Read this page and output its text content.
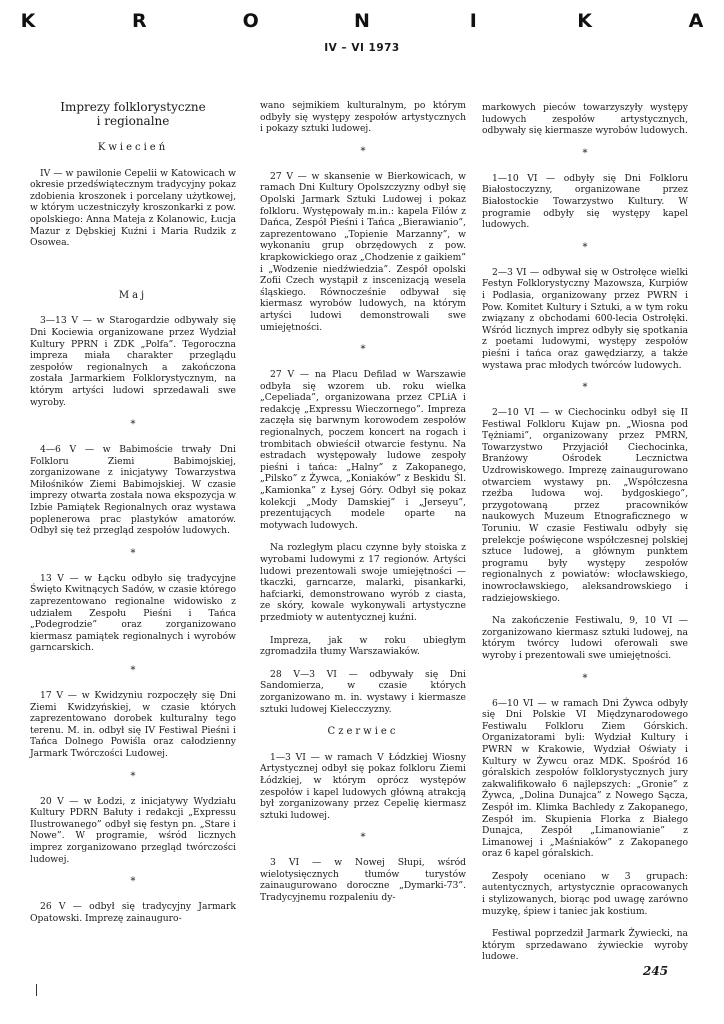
K	R	O	N	I	K	A
IV – VI 1973
Imprezy folklorystyczne
i regionalne
Kwiecień

IV — w pawilonie Cepelii w Katowicach w okresie przedświątecznym tradycyjny pokaz zdobienia kroszonek i porcelany użytkowej, w którym uczestniczyły kroszonkarki z pow. opolskiego: Anna Mateja z Kolanowic, Łucja Mazur z Dębskiej Kuźni i Maria Rudzik z Osowea.

Maj

3—13 V — w Starogardzie odbywały się Dni Kociewia organizowane przez Wydział Kultury PPRN i ZDK „Polfa”. Tegoroczna impreza miała charakter przeglądu zespołów regionalnych a zakończona została Jarmarkiem Folklorystycznym, na którym artyści ludowi sprzedawali swe wyroby.

*

4—6 V — w Babimoście trwały Dni Folkloru Ziemi Babimojskiej, zorganizowane z inicjatywy Towarzystwa Miłośników Ziemi Babimojskiej. W czasie imprezy otwarta została nowa ekspozycja w Izbie Pamiątek Regionalnych oraz wystawa poplenerowa prac plastyków amatorów. Odbył się też przegląd zespołów ludowych.

*

13 V — w Łącku odbyło się tradycyjne Święto Kwitnących Sadów, w czasie którego zaprezentowano regionalne widowisko z udziałem Zespołu Pieśni i Tańca „Podegrodzie” oraz zorganizowano kiermasz pamiątek regionalnych i wyrobów garncarskich.

*

17 V — w Kwidzyniu rozpoczęły się Dni Ziemi Kwidzyńskiej, w czasie których zaprezentowano dorobek kulturalny tego terenu. M. in. odbył się IV Festiwal Pieśni i Tańca Dolnego Powiśla oraz całodzienny Jarmark Twórczości Ludowej.

*

20 V — w Łodzi, z inicjatywy Wydziału Kultury PDRN Bałuty i redakcji „Expressu Ilustrowanego” odbył się festyn pn. „Stare i Nowe”. W programie, wśród licznych imprez zorganizowano przegląd twórczości ludowej.

*

26 V — odbył się tradycyjny Jarmark Opatowski. Imprezę zainauguro-

wano sejmikiem kulturalnym, po którym odbyły się występy zespołów artystycznych i pokazy sztuki ludowej.

*

27 V — w skansenie w Bierkowicach, w ramach Dni Kultury Opolszczyzny odbył się Opolski Jarmark Sztuki Ludowej i pokaz folkloru. Występowały m.in.: kapela Filów z Dańca, Zespół Pieśni i Tańca „Bierawianio”, zaprezentowano „Topienie Marzanny”, w wykonaniu grup obrzędowych z pow. krapkowickiego oraz „Chodzenie z gaikiem” i „Wodzenie niedźwiedzia”. Zespół opolski Zofii Czech wystąpił z inscenizacją wesela śląskiego. Równocześnie odbywał się kiermasz wyrobów ludowych, na którym artyści ludowi demonstrowali swe umiejętności.

*

27 V — na Placu Defilad w Warszawie odbyła się wzorem ub. roku wielka „Cepeliada”, organizowana przez CPLiA i redakcję „Expressu Wieczornego”. Impreza zaczęła się barwnym korowodem zespołów regionalnych, poczem koncert na rogach i trombitach obwieścił otwarcie festynu. Na estradach występowały ludowe zespoły pieśni i tańca: „Halny” z Zakopanego, „Pilsko” z Żywca, „Koniaków” z Beskidu Śl. „Kamionka” z Łysej Góry. Odbył się pokaz kolekcji „Mody Damskiej” i „Jerseyu”, prezentujących modele oparte na motywach ludowych.

Na rozległym placu czynne były stoiska z wyrobami ludowymi z 17 regionów. Artyści ludowi prezentowali swoje umiejętności — tkaczki, garncarze, malarki, pisankarki, hafciarki, demonstrowano wyrób z ciasta, ze skóry, kowale wykonywali artystyczne przedmioty w autentycznej kuźni.

Impreza, jak w roku ubiegłym zgromadziła tłumy Warszawiaków.

28 V—3 VI — odbywały się Dni Sandomierza, w czasie których zorganizowano m. in. wystawy i kiermasze sztuki ludowej Kielecczyzny.

Czerwiec

1—3 VI — w ramach V Łódzkiej Wiosny Artystycznej odbył się pokaz folkloru Ziemi Łódzkiej, w którym oprócz występów zespołów i kapel ludowych główną atrakcją był zorganizowany przez Cepelię kiermasz sztuki ludowej.

*

3 VI — w Nowej Słupi, wśród wielotysięcznych tłumów turystów zainaugurowano doroczne „Dymarki-73”. Tradycyjnemu rozpaleniu dy-

markowych pieców towarzyszyły występy ludowych zespołów artystycznych, odbywały się kiermasze wyrobów ludowych.

*

1—10 VI — odbyły się Dni Folkloru Białostoczyzny, organizowane przez Białostockie Towarzystwo Kultury. W programie odbyły się występy kapel ludowych.

*

2—3 VI — odbywał się w Ostrołęce wielki Festyn Folklorystyczny Mazowsza, Kurpiów i Podlasia, organizowany przez PWRN i Pow. Komitet Kultury i Sztuki, a w tym roku związany z obchodami 600-lecia Ostrołęki. Wśród licznych imprez odbyły się spotkania z poetami ludowymi, występy zespołów pieśni i tańca oraz gawędziarzy, a także wystawa prac młodych twórców ludowych.

*

2—10 VI — w Ciechocinku odbył się II Festiwal Folkloru Kujaw pn. „Wiosna pod Tężniami”, organizowany przez PMRN, Towarzystwo Przyjaciół Ciechocinka, Branżowy Ośrodek Lecznictwa Uzdrowiskowego. Imprezę zainaugurowano otwarciem wystawy pn. „Współczesna rzeźba ludowa woj. bydgoskiego”, przygotowaną przez pracowników naukowych Muzeum Etnograficznego w Toruniu. W czasie Festiwalu odbyły się prelekcje poświęcone współczesnej polskiej sztuce ludowej, a głównym punktem programu były występy zespołów regionalnych z powiatów: włocławskiego, inowrocławskiego, aleksandrowskiego i radziejowskiego.

Na zakończenie Festiwalu, 9, 10 VI — zorganizowano kiermasz sztuki ludowej, na którym twórcy ludowi oferowali swe wyroby i prezentowali swe umiejętności.

*

6—10 VI — w ramach Dni Żywca odbyły się Dni Polskie VI Międzynarodowego Festiwalu Folkloru Ziem Górskich. Organizatorami byli: Wydział Kultury i PWRN w Krakowie, Wydział Oświaty i Kultury w Żywcu oraz MDK. Spośród 16 góralskich zespołów folklorystycznych jury zakwalifikowało 6 najlepszych: „Gronie” z Żywca, „Dolina Dunajca” z Nowego Sącza, Zespół im. Klimka Bachledy z Zakopanego, Zespół im. Skupienia Florka z Białego Dunajca, Zespół „Limanowianie” z Limanowej i „Maśniaków” z Zakopanego oraz 6 kapel góralskich.

Zespoły oceniano w 3 grupach: autentycznych, artystycznie opracowanych i stylizowanych, biorąc pod uwagę zarówno muzykę, śpiew i taniec jak kostium.

Festiwal poprzedził Jarmark Żywiecki, na którym sprzedawano żywieckie wyroby ludowe.

245
